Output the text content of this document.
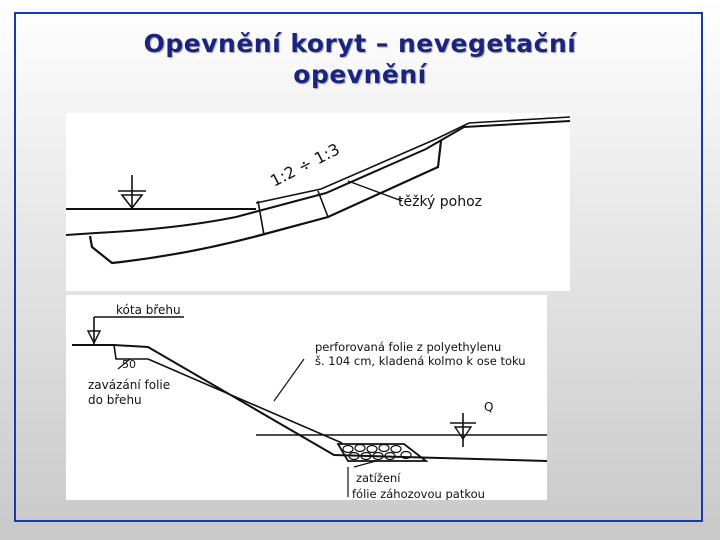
Opevnění koryt – nevegetační
opevnění
1:2 ÷ 1:3
těžký pohoz
kóta břehu
50
zavázání folie
do břehu
perforovaná folie z polyethylenu
š. 104 cm, kladená kolmo k ose toku
Q
zatížení
fólie záhozovou patkou
